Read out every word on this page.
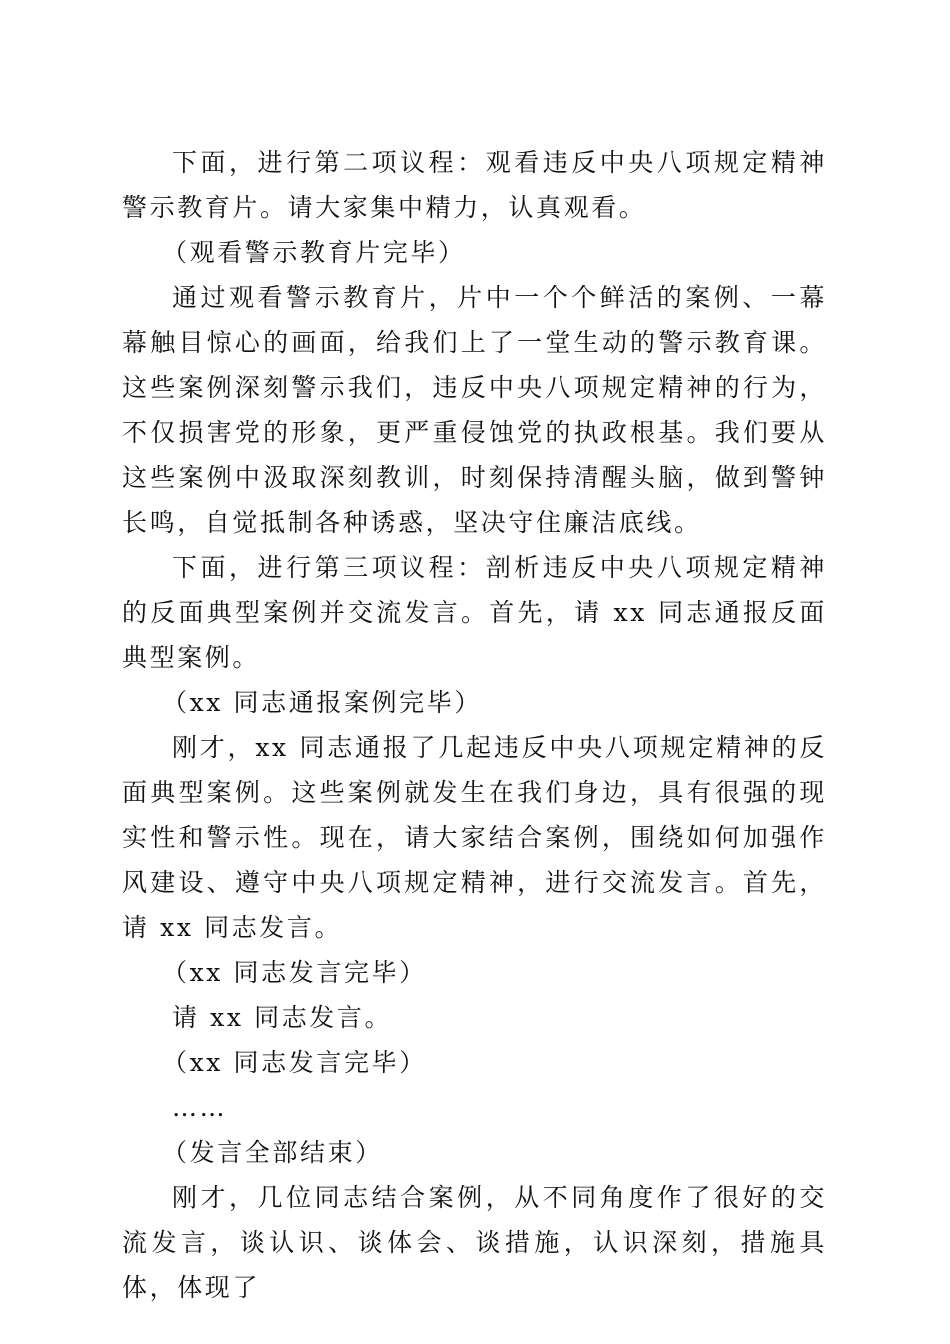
下面，进行第二项议程：观看违反中央八项规定精神警示教育片。请大家集中精力，认真观看。

（观看警示教育片完毕）

通过观看警示教育片，片中一个个鲜活的案例、一幕幕触目惊心的画面，给我们上了一堂生动的警示教育课。这些案例深刻警示我们，违反中央八项规定精神的行为，不仅损害党的形象，更严重侵蚀党的执政根基。我们要从这些案例中汲取深刻教训，时刻保持清醒头脑，做到警钟长鸣，自觉抵制各种诱惑，坚决守住廉洁底线。

下面，进行第三项议程：剖析违反中央八项规定精神的反面典型案例并交流发言。首先，请 xx 同志通报反面典型案例。

（xx 同志通报案例完毕）

刚才，xx 同志通报了几起违反中央八项规定精神的反面典型案例。这些案例就发生在我们身边，具有很强的现实性和警示性。现在，请大家结合案例，围绕如何加强作风建设、遵守中央八项规定精神，进行交流发言。首先，请 xx 同志发言。

（xx 同志发言完毕）

请 xx 同志发言。

（xx 同志发言完毕）

……

（发言全部结束）

刚才，几位同志结合案例，从不同角度作了很好的交流发言，谈认识、谈体会、谈措施，认识深刻，措施具体，体现了
